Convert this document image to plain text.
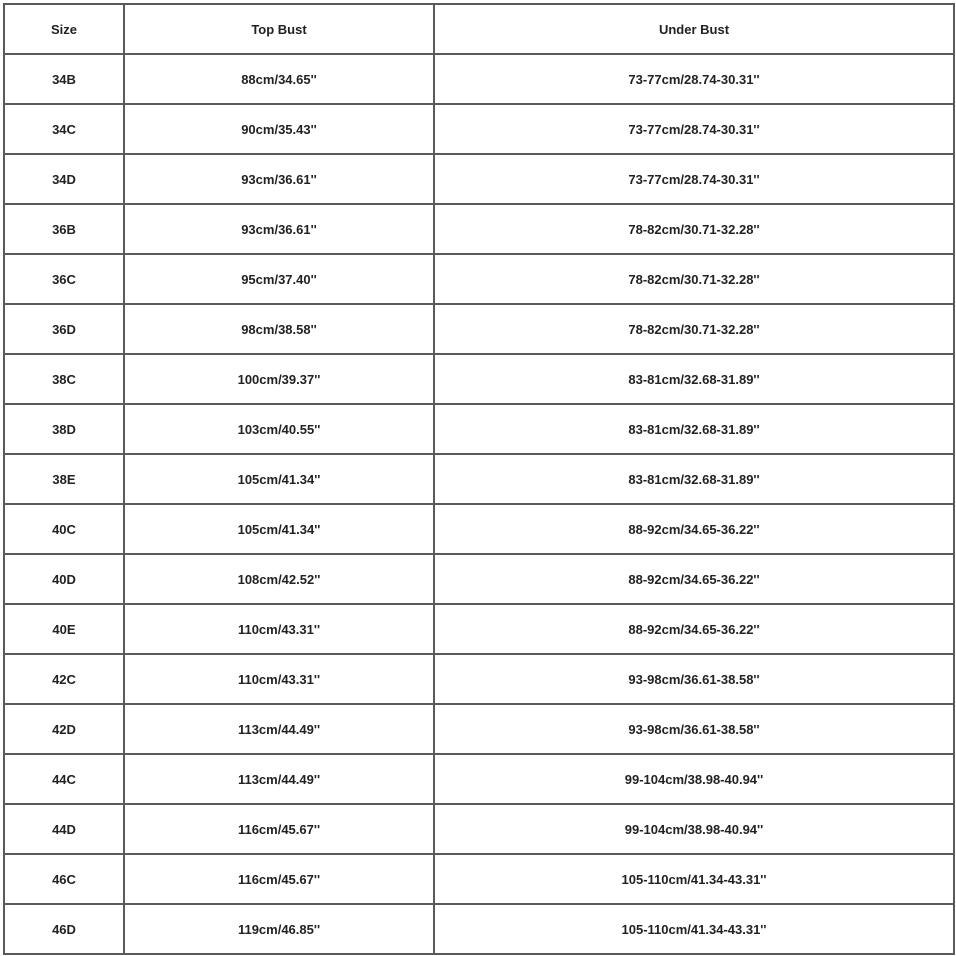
Size	Top Bust	Under Bust
34B	88cm/34.65''	73-77cm/28.74-30.31''
34C	90cm/35.43''	73-77cm/28.74-30.31''
34D	93cm/36.61''	73-77cm/28.74-30.31''
36B	93cm/36.61''	78-82cm/30.71-32.28''
36C	95cm/37.40''	78-82cm/30.71-32.28''
36D	98cm/38.58''	78-82cm/30.71-32.28''
38C	100cm/39.37''	83-81cm/32.68-31.89''
38D	103cm/40.55''	83-81cm/32.68-31.89''
38E	105cm/41.34''	83-81cm/32.68-31.89''
40C	105cm/41.34''	88-92cm/34.65-36.22''
40D	108cm/42.52''	88-92cm/34.65-36.22''
40E	110cm/43.31''	88-92cm/34.65-36.22''
42C	110cm/43.31''	93-98cm/36.61-38.58''
42D	113cm/44.49''	93-98cm/36.61-38.58''
44C	113cm/44.49''	99-104cm/38.98-40.94''
44D	116cm/45.67''	99-104cm/38.98-40.94''
46C	116cm/45.67''	105-110cm/41.34-43.31''
46D	119cm/46.85''	105-110cm/41.34-43.31''
